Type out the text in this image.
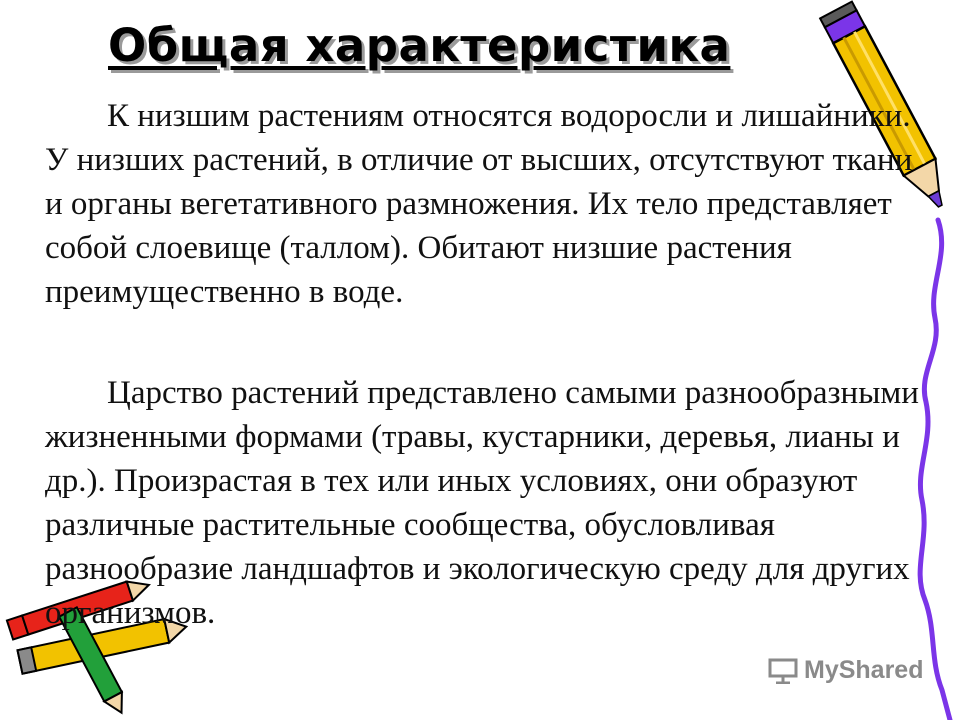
Общая характеристика

К низшим растениям относятся водоросли и лишайники. У низших растений, в отличие от высших, отсутствуют ткани и органы вегетативного размножения. Их тело представляет собой слоевище (таллом). Обитают низшие растения преимущественно в воде.

Царство растений представлено самыми разнообразными жизненными формами (травы, кустарники, деревья, лианы и др.). Произрастая в тех или иных условиях, они образуют различные растительные сообщества, обусловливая разнообразие ландшафтов и экологическую среду для других организмов.

MyShared
